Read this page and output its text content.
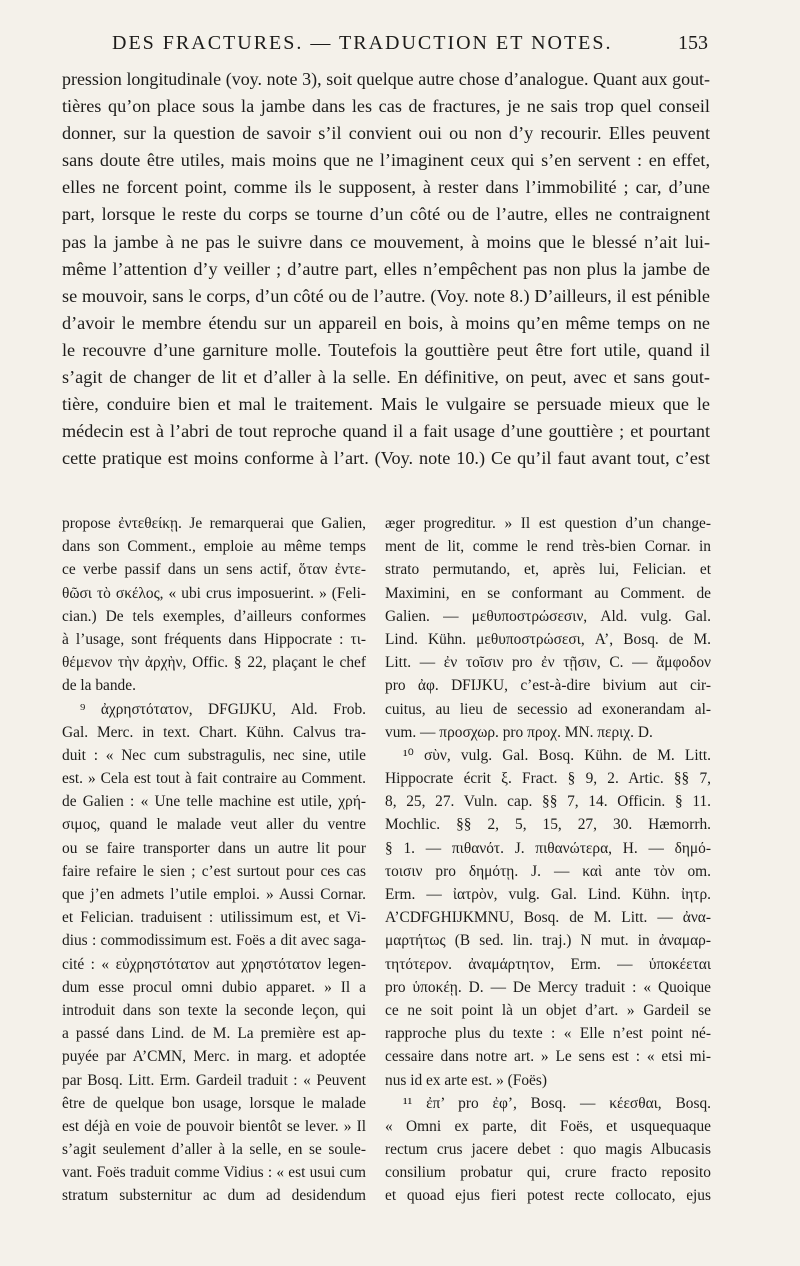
DES FRACTURES. — TRADUCTION ET NOTES.	153
pression longitudinale (voy. note 3), soit quelque autre chose d’analogue. Quant aux gout-
tières qu’on place sous la jambe dans les cas de fractures, je ne sais trop quel conseil
donner, sur la question de savoir s’il convient oui ou non d’y recourir. Elles peuvent
sans doute être utiles, mais moins que ne l’imaginent ceux qui s’en servent : en effet,
elles ne forcent point, comme ils le supposent, à rester dans l’immobilité ; car, d’une
part, lorsque le reste du corps se tourne d’un côté ou de l’autre, elles ne contraignent
pas la jambe à ne pas le suivre dans ce mouvement, à moins que le blessé n’ait lui-
même l’attention d’y veiller ; d’autre part, elles n’empêchent pas non plus la jambe de
se mouvoir, sans le corps, d’un côté ou de l’autre. (Voy. note 8.) D’ailleurs, il est pénible
d’avoir le membre étendu sur un appareil en bois, à moins qu’en même temps on ne
le recouvre d’une garniture molle. Toutefois la gouttière peut être fort utile, quand il
s’agit de changer de lit et d’aller à la selle. En définitive, on peut, avec et sans gout-
tière, conduire bien et mal le traitement. Mais le vulgaire se persuade mieux que le
médecin est à l’abri de tout reproche quand il a fait usage d’une gouttière ; et pourtant
cette pratique est moins conforme à l’art. (Voy. note 10.) Ce qu’il faut avant tout, c’est
propose ἐντεθείκῃ. Je remarquerai que Galien,
dans son Comment., emploie au même temps
ce verbe passif dans un sens actif, ὅταν ἐντε-
θῶσι τὸ σκέλος, « ubi crus imposuerint. » (Feli-
cian.) De tels exemples, d’ailleurs conformes
à l’usage, sont fréquents dans Hippocrate : τι-
θέμενον τὴν ἀρχὴν, Offic. § 22, plaçant le chef
de la bande.
⁹ ἀχρηστότατον, DFGIJKU, Ald. Frob.
Gal. Merc. in text. Chart. Kühn. Calvus tra-
duit : « Nec cum substragulis, nec sine, utile
est. » Cela est tout à fait contraire au Comment.
de Galien : « Une telle machine est utile, χρή-
σιμος, quand le malade veut aller du ventre
ou se faire transporter dans un autre lit pour
faire refaire le sien ; c’est surtout pour ces cas
que j’en admets l’utile emploi. » Aussi Cornar.
et Felician. traduisent : utilissimum est, et Vi-
dius : commodissimum est. Foës a dit avec saga-
cité : « εὐχρηστότατον aut χρηστότατον legen-
dum esse procul omni dubio apparet. » Il a
introduit dans son texte la seconde leçon, qui
a passé dans Lind. de M. La première est ap-
puyée par A’CMN, Merc. in marg. et adoptée
par Bosq. Litt. Erm. Gardeil traduit : « Peuvent
être de quelque bon usage, lorsque le malade
est déjà en voie de pouvoir bientôt se lever. » Il
s’agit seulement d’aller à la selle, en se soule-
vant. Foës traduit comme Vidius : « est usui cum
stratum substernitur ac dum ad desidendum
æger progreditur. » Il est question d’un change-
ment de lit, comme le rend très-bien Cornar. in
strato permutando, et, après lui, Felician. et
Maximini, en se conformant au Comment. de
Galien. — μεθυποστρώσεσιν, Ald. vulg. Gal.
Lind. Kühn. μεθυποστρώσεσι, A’, Bosq. de M.
Litt. — ἐν τοῖσιν pro ἐν τῇσιν, C. — ἄμφοδον
pro ἀφ. DFIJKU, c’est-à-dire bivium aut cir-
cuitus, au lieu de secessio ad exonerandam al-
vum. — προσχωρ. pro προχ. MN. περιχ. D.
¹⁰ σὺν, vulg. Gal. Bosq. Kühn. de M. Litt.
Hippocrate écrit ξ. Fract. § 9, 2. Artic. §§ 7,
8, 25, 27. Vuln. cap. §§ 7, 14. Officin. § 11.
Mochlic. §§ 2, 5, 15, 27, 30. Hæmorrh.
§ 1. — πιθανότ. J. πιθανώτερα, H. — δημό-
τοισιν pro δημότῃ. J. — καὶ ante τὸν om.
Erm. — ἰατρὸν, vulg. Gal. Lind. Kühn. ἰητρ.
A’CDFGHIJKMNU, Bosq. de M. Litt. — ἀνα-
μαρτήτως (B sed. lin. traj.) N mut. in ἀναμαρ-
τητότερον. ἀναμάρτητον, Erm. — ὑποκέεται
pro ὑποκέῃ. D. — De Mercy traduit : « Quoique
ce ne soit point là un objet d’art. » Gardeil se
rapproche plus du texte : « Elle n’est point né-
cessaire dans notre art. » Le sens est : « etsi mi-
nus id ex arte est. » (Foës)
¹¹ ἐπ’ pro ἐφ’, Bosq. — κέεσθαι, Bosq.
« Omni ex parte, dit Foës, et usquequaque
rectum crus jacere debet : quo magis Albucasis
consilium probatur qui, crure fracto reposito
et quoad ejus fieri potest recte collocato, ejus
